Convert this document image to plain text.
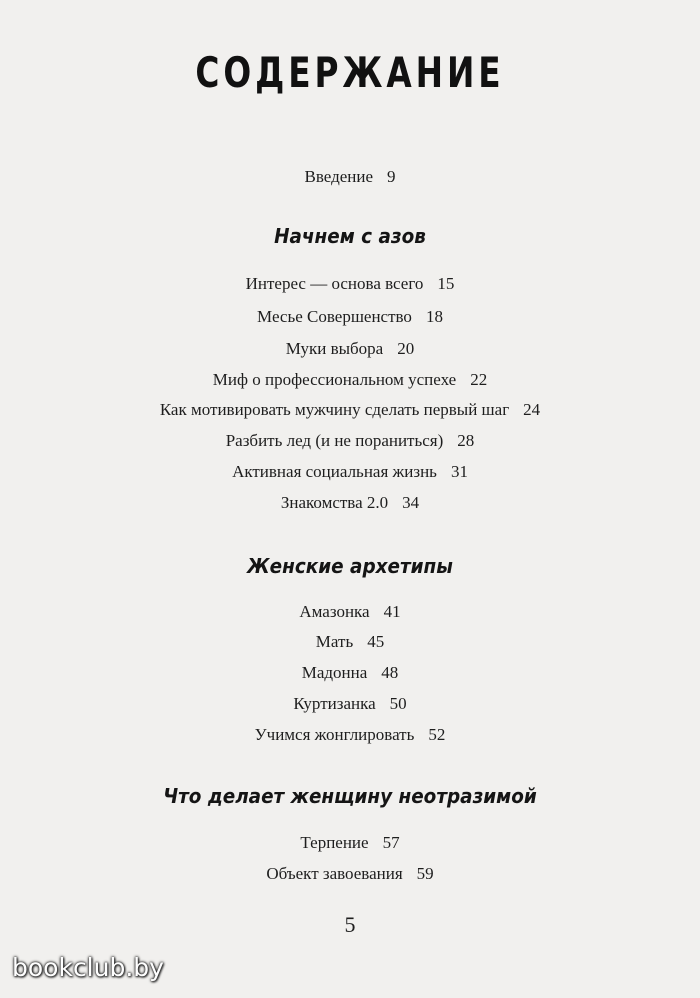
СОДЕРЖАНИЕ
Введение 9
Начнем с азов
Интерес — основа всего 15
Месье Совершенство 18
Муки выбора 20
Миф о профессиональном успехе 22
Как мотивировать мужчину сделать первый шаг 24
Разбить лед (и не пораниться) 28
Активная социальная жизнь 31
Знакомства 2.0 34
Женские архетипы
Амазонка 41
Мать 45
Мадонна 48
Куртизанка 50
Учимся жонглировать 52
Что делает женщину неотразимой
Терпение 57
Объект завоевания 59
5
bookclub.by
